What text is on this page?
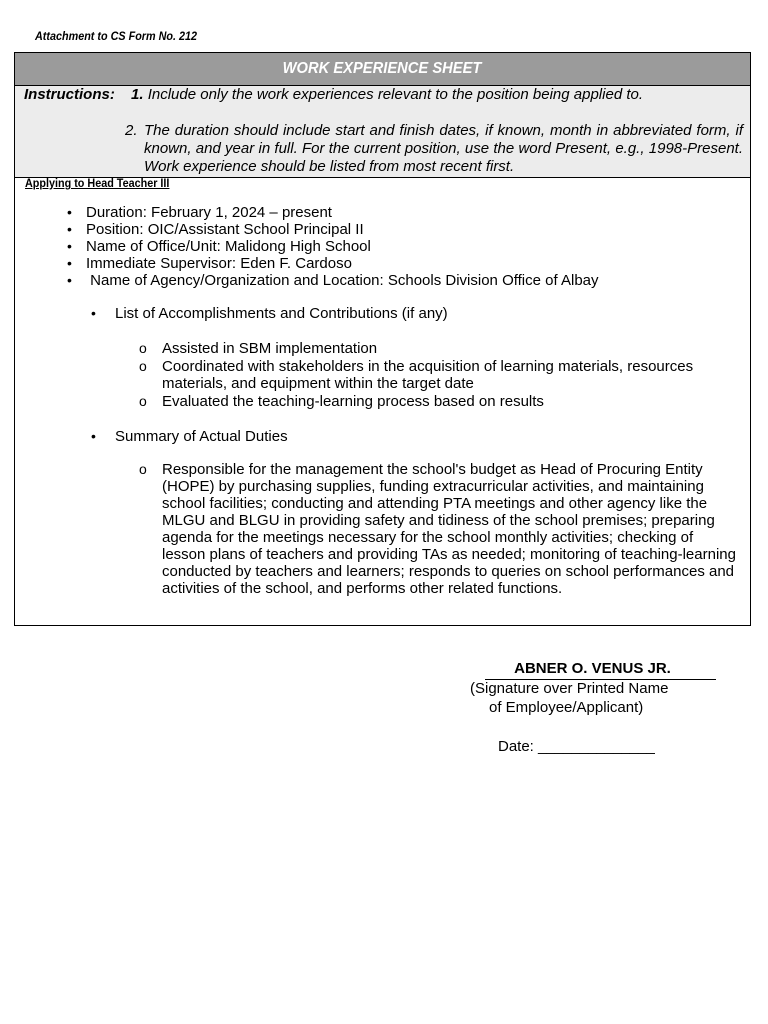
Attachment to CS Form No. 212
WORK EXPERIENCE SHEET
Instructions: 1. Include only the work experiences relevant to the position being applied to.
2. The duration should include start and finish dates, if known, month in abbreviated form, if known, and year in full. For the current position, use the word Present, e.g., 1998-Present. Work experience should be listed from most recent first.
Applying to Head Teacher III
• Duration: February 1, 2024 – present
• Position: OIC/Assistant School Principal II
• Name of Office/Unit: Malidong High School
• Immediate Supervisor: Eden F. Cardoso
• Name of Agency/Organization and Location: Schools Division Office of Albay
• List of Accomplishments and Contributions (if any)
o Assisted in SBM implementation
o Coordinated with stakeholders in the acquisition of learning materials, resources materials, and equipment within the target date
o Evaluated the teaching-learning process based on results
• Summary of Actual Duties
o Responsible for the management the school's budget as Head of Procuring Entity (HOPE) by purchasing supplies, funding extracurricular activities, and maintaining school facilities; conducting and attending PTA meetings and other agency like the MLGU and BLGU in providing safety and tidiness of the school premises; preparing agenda for the meetings necessary for the school monthly activities; checking of lesson plans of teachers and providing TAs as needed; monitoring of teaching-learning conducted by teachers and learners; responds to queries on school performances and activities of the school, and performs other related functions.
ABNER O. VENUS JR.
(Signature over Printed Name
of Employee/Applicant)
Date: ______________
